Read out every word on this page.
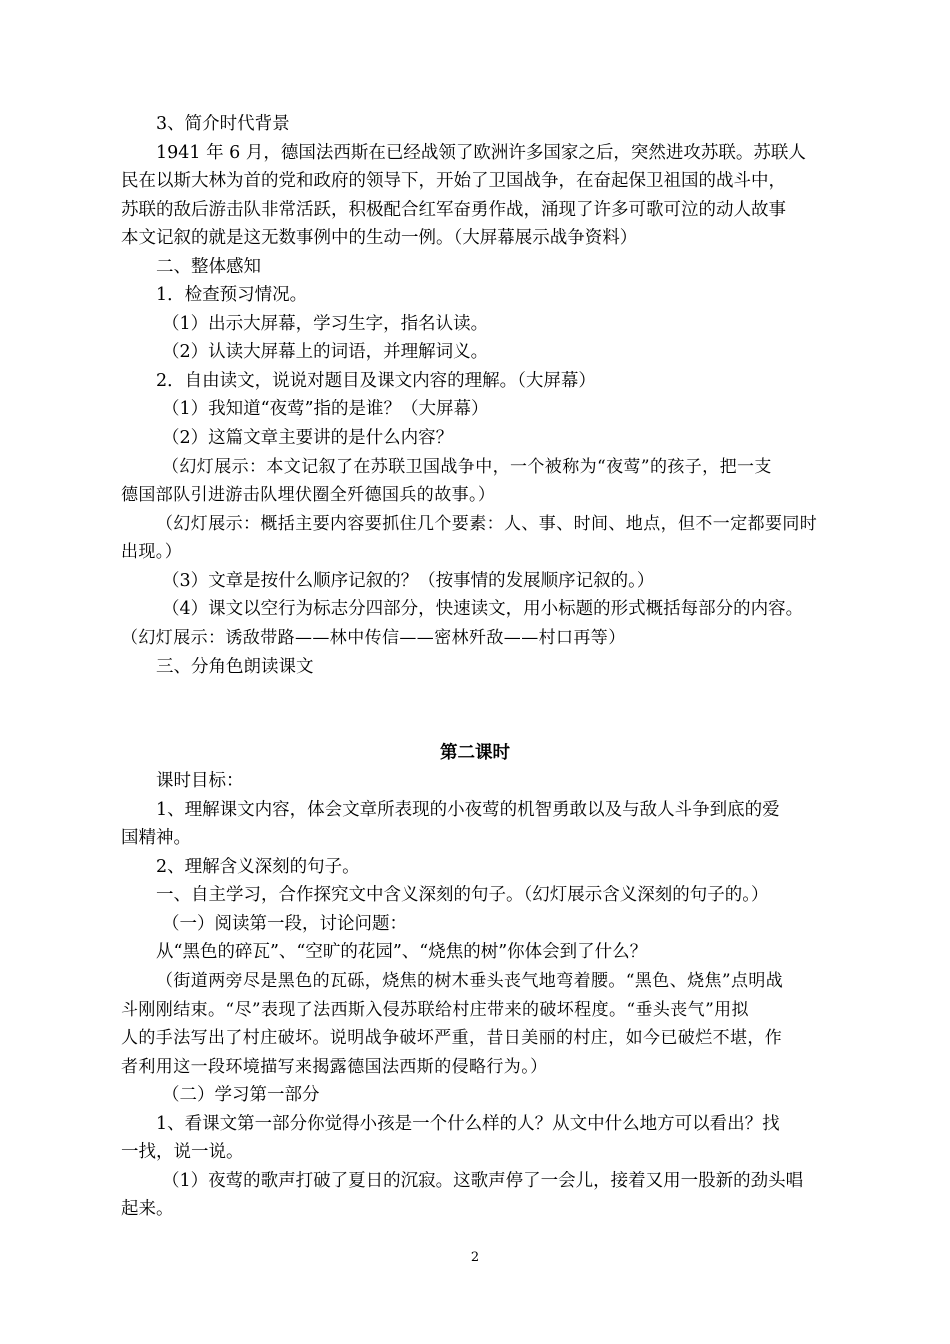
3、简介时代背景
1941 年 6 月，德国法西斯在已经战领了欧洲许多国家之后，突然进攻苏联。苏联人
民在以斯大林为首的党和政府的领导下，开始了卫国战争，在奋起保卫祖国的战斗中，
苏联的敌后游击队非常活跃，积极配合红军奋勇作战，涌现了许多可歌可泣的动人故事
本文记叙的就是这无数事例中的生动一例。（大屏幕展示战争资料）
二、整体感知
1．检查预习情况。
（1）出示大屏幕，学习生字，指名认读。
（2）认读大屏幕上的词语，并理解词义。
2．自由读文，说说对题目及课文内容的理解。（大屏幕）
（1）我知道“夜莺”指的是谁？（大屏幕）
（2）这篇文章主要讲的是什么内容？
（幻灯展示：本文记叙了在苏联卫国战争中，一个被称为“夜莺”的孩子，把一支
德国部队引进游击队埋伏圈全歼德国兵的故事。）
（幻灯展示：概括主要内容要抓住几个要素：人、事、时间、地点，但不一定都要同时
出现。）
（3）文章是按什么顺序记叙的？（按事情的发展顺序记叙的。）
（4）课文以空行为标志分四部分，快速读文，用小标题的形式概括每部分的内容。
（幻灯展示：诱敌带路——林中传信——密林歼敌——村口再等）
三、分角色朗读课文
第二课时
课时目标：
1、理解课文内容，体会文章所表现的小夜莺的机智勇敢以及与敌人斗争到底的爱
国精神。
2、理解含义深刻的句子。
一、自主学习，合作探究文中含义深刻的句子。（幻灯展示含义深刻的句子的。）
（一）阅读第一段，讨论问题：
从“黑色的碎瓦”、“空旷的花园”、“烧焦的树”你体会到了什么？
（街道两旁尽是黑色的瓦砾，烧焦的树木垂头丧气地弯着腰。“黑色、烧焦”点明战
斗刚刚结束。“尽”表现了法西斯入侵苏联给村庄带来的破坏程度。“垂头丧气”用拟
人的手法写出了村庄破坏。说明战争破坏严重，昔日美丽的村庄，如今已破烂不堪，作
者利用这一段环境描写来揭露德国法西斯的侵略行为。）
（二）学习第一部分
1、看课文第一部分你觉得小孩是一个什么样的人？从文中什么地方可以看出？找
一找，说一说。
（1）夜莺的歌声打破了夏日的沉寂。这歌声停了一会儿，接着又用一股新的劲头唱
起来。
2
